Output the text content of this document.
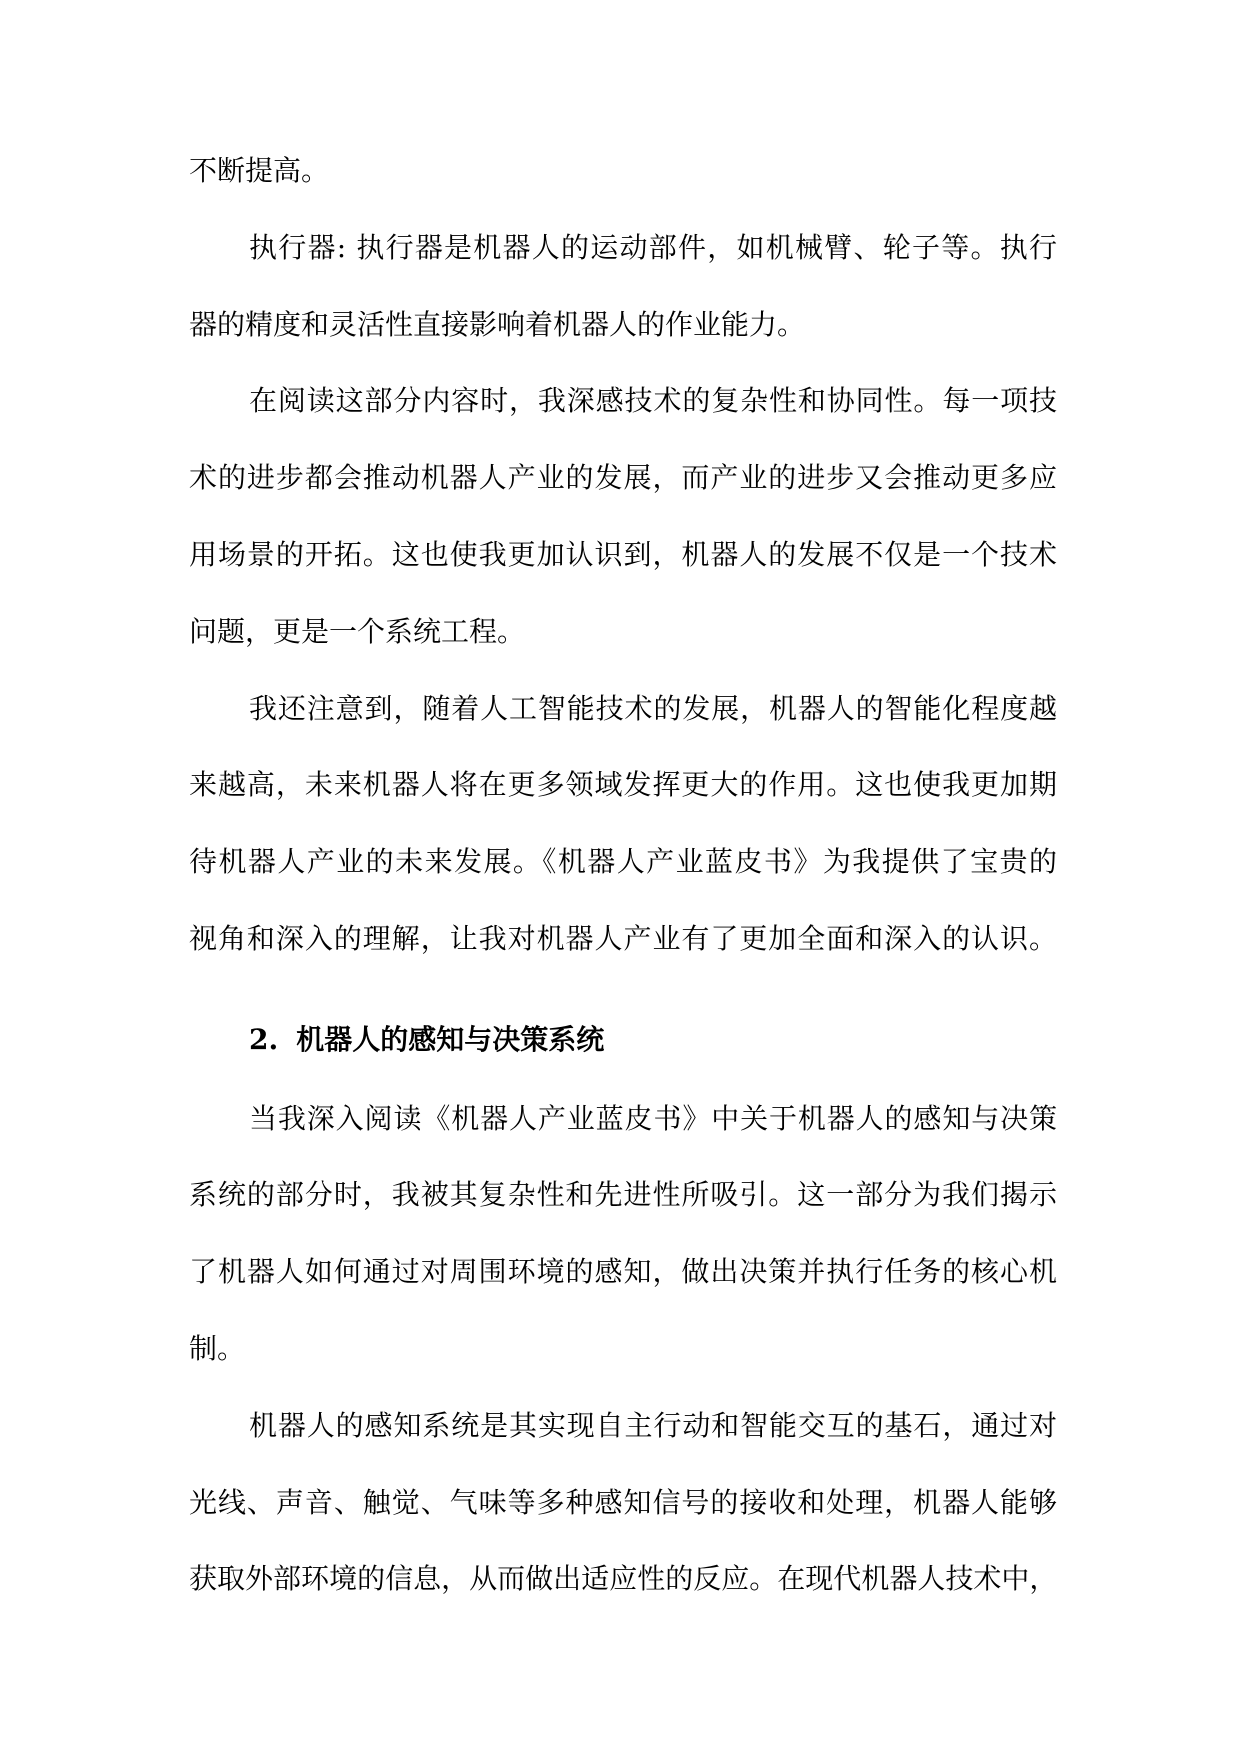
不断提高。
执行器: 执行器是机器人的运动部件，如机械臂、轮子等。执行
器的精度和灵活性直接影响着机器人的作业能力。
在阅读这部分内容时，我深感技术的复杂性和协同性。每一项技
术的进步都会推动机器人产业的发展，而产业的进步又会推动更多应
用场景的开拓。这也使我更加认识到，机器人的发展不仅是一个技术
问题，更是一个系统工程。
我还注意到，随着人工智能技术的发展，机器人的智能化程度越
来越高，未来机器人将在更多领域发挥更大的作用。这也使我更加期
待机器人产业的未来发展。《机器人产业蓝皮书》为我提供了宝贵的
视角和深入的理解，让我对机器人产业有了更加全面和深入的认识。
2. 机器人的感知与决策系统
当我深入阅读《机器人产业蓝皮书》中关于机器人的感知与决策
系统的部分时，我被其复杂性和先进性所吸引。这一部分为我们揭示
了机器人如何通过对周围环境的感知，做出决策并执行任务的核心机
制。
机器人的感知系统是其实现自主行动和智能交互的基石，通过对
光线、声音、触觉、气味等多种感知信号的接收和处理，机器人能够
获取外部环境的信息，从而做出适应性的反应。在现代机器人技术中，
